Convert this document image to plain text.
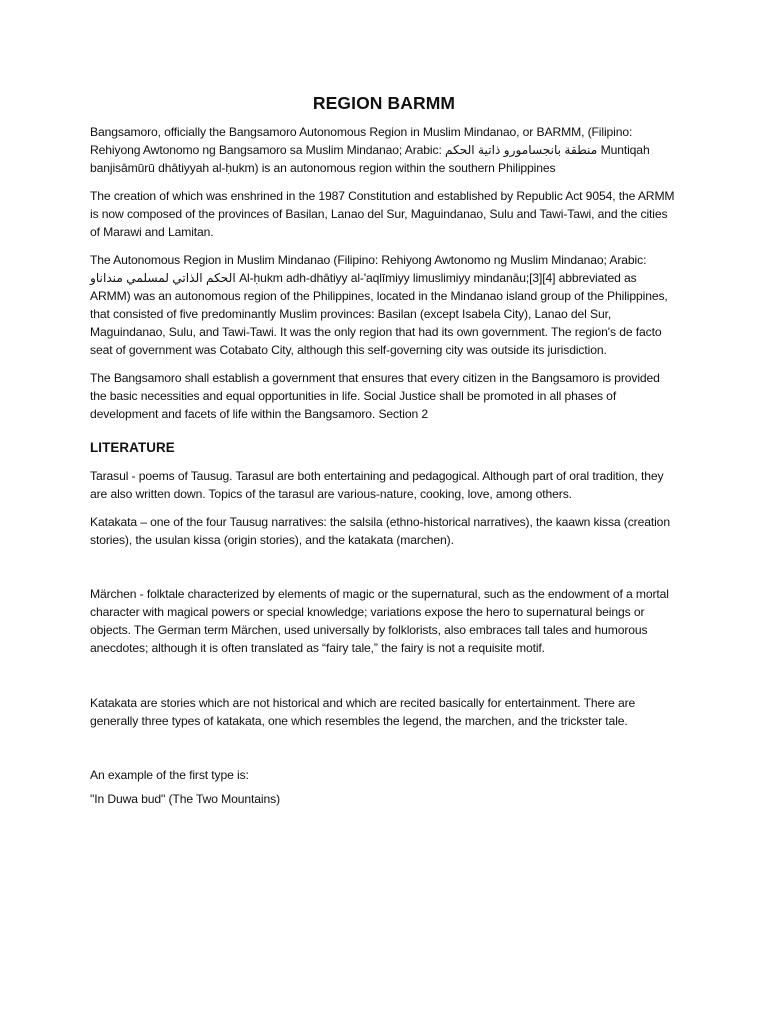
REGION BARMM

Bangsamoro, officially the Bangsamoro Autonomous Region in Muslim Mindanao, or BARMM, (Filipino: Rehiyong Awtonomo ng Bangsamoro sa Muslim Mindanao; Arabic: منطقة بانجسامورو ذاتية الحكم Muntiqah banjisāmūrū dhātiyyah al-ḥukm) is an autonomous region within the southern Philippines

The creation of which was enshrined in the 1987 Constitution and established by Republic Act 9054, the ARMM is now composed of the provinces of Basilan, Lanao del Sur, Maguindanao, Sulu and Tawi-Tawi, and the cities of Marawi and Lamitan.

The Autonomous Region in Muslim Mindanao (Filipino: Rehiyong Awtonomo ng Muslim Mindanao; Arabic: الحكم الذاتي لمسلمي منداناو Al-ḥukm adh-dhātiyy al-'aqlīmiyy limuslimiyy mindanāu;[3][4] abbreviated as ARMM) was an autonomous region of the Philippines, located in the Mindanao island group of the Philippines, that consisted of five predominantly Muslim provinces: Basilan (except Isabela City), Lanao del Sur, Maguindanao, Sulu, and Tawi-Tawi. It was the only region that had its own government. The region's de facto seat of government was Cotabato City, although this self-governing city was outside its jurisdiction.

The Bangsamoro shall establish a government that ensures that every citizen in the Bangsamoro is provided the basic necessities and equal opportunities in life. Social Justice shall be promoted in all phases of development and facets of life within the Bangsamoro. Section 2

LITERATURE

Tarasul - poems of Tausug. Tarasul are both entertaining and pedagogical. Although part of oral tradition, they are also written down. Topics of the tarasul are various-nature, cooking, love, among others.

Katakata – one of the four Tausug narratives: the salsila (ethno-historical narratives), the kaawn kissa (creation stories), the usulan kissa (origin stories), and the katakata (marchen).

Märchen - folktale characterized by elements of magic or the supernatural, such as the endowment of a mortal character with magical powers or special knowledge; variations expose the hero to supernatural beings or objects. The German term Märchen, used universally by folklorists, also embraces tall tales and humorous anecdotes; although it is often translated as “fairy tale,” the fairy is not a requisite motif.

Katakata are stories which are not historical and which are recited basically for entertainment. There are generally three types of katakata, one which resembles the legend, the marchen, and the trickster tale.

An example of the first type is:

"In Duwa bud" (The Two Mountains)
